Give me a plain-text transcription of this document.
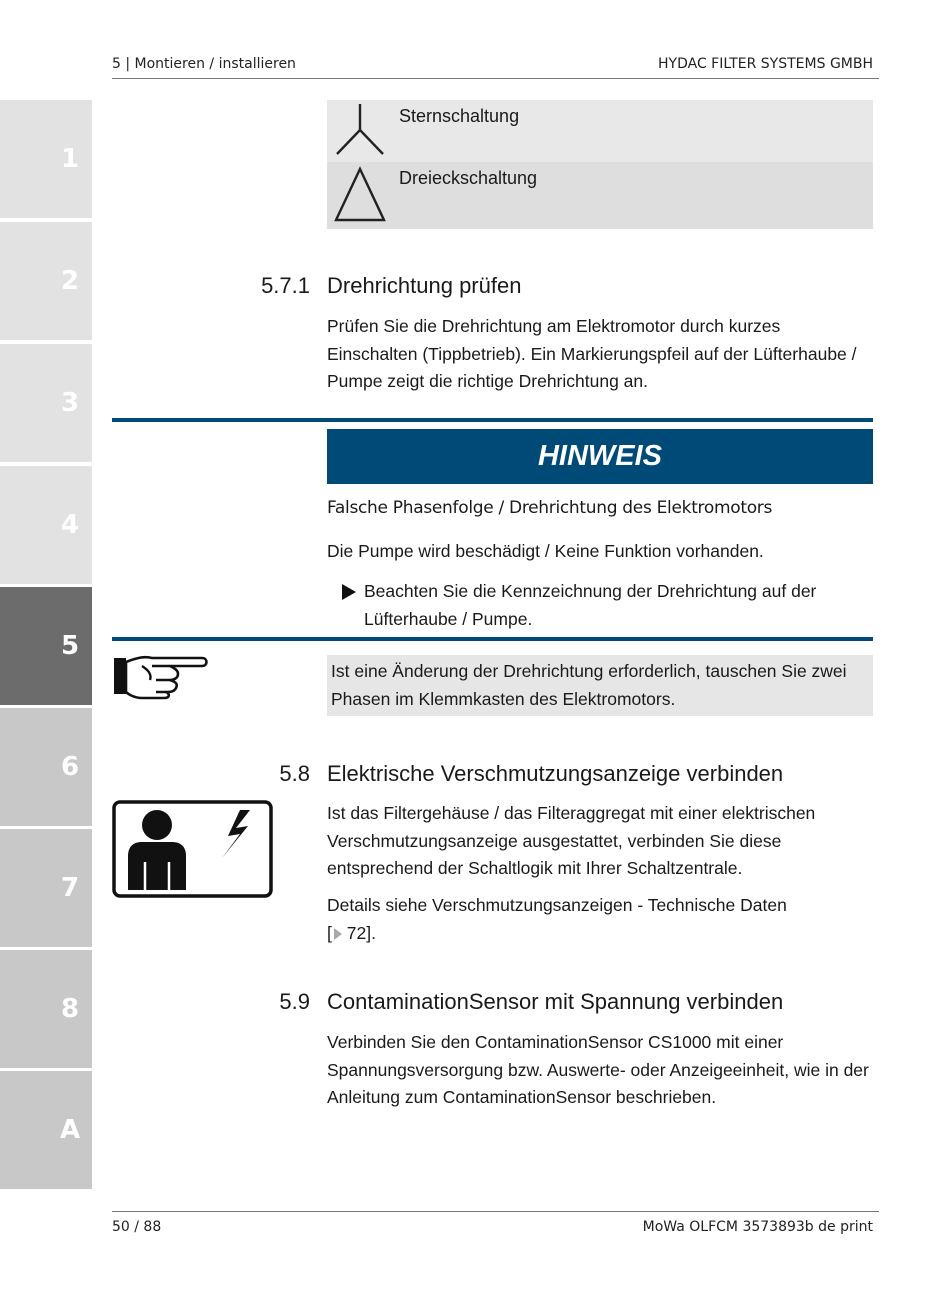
5 | Montieren / installieren	HYDAC FILTER SYSTEMS GMBH
1
2
3
4
5
6
7
8
A
Sternschaltung
Dreieckschaltung
5.7.1 Drehrichtung prüfen
Prüfen Sie die Drehrichtung am Elektromotor durch kurzes Einschalten (Tippbetrieb). Ein Markierungspfeil auf der Lüfterhaube / Pumpe zeigt die richtige Drehrichtung an.
HINWEIS
Falsche Phasenfolge / Drehrichtung des Elektromotors
Die Pumpe wird beschädigt / Keine Funktion vorhanden.
Beachten Sie die Kennzeichnung der Drehrichtung auf der Lüfterhaube / Pumpe.
Ist eine Änderung der Drehrichtung erforderlich, tauschen Sie zwei Phasen im Klemmkasten des Elektromotors.
5.8 Elektrische Verschmutzungsanzeige verbinden
Ist das Filtergehäuse / das Filteraggregat mit einer elektrischen Verschmutzungsanzeige ausgestattet, verbinden Sie diese entsprechend der Schaltlogik mit Ihrer Schaltzentrale.
Details siehe Verschmutzungsanzeigen - Technische Daten
[ 72].
5.9 ContaminationSensor mit Spannung verbinden
Verbinden Sie den ContaminationSensor CS1000 mit einer Spannungsversorgung bzw. Auswerte- oder Anzeigeeinheit, wie in der Anleitung zum ContaminationSensor beschrieben.
50 / 88	MoWa OLFCM 3573893b de print
